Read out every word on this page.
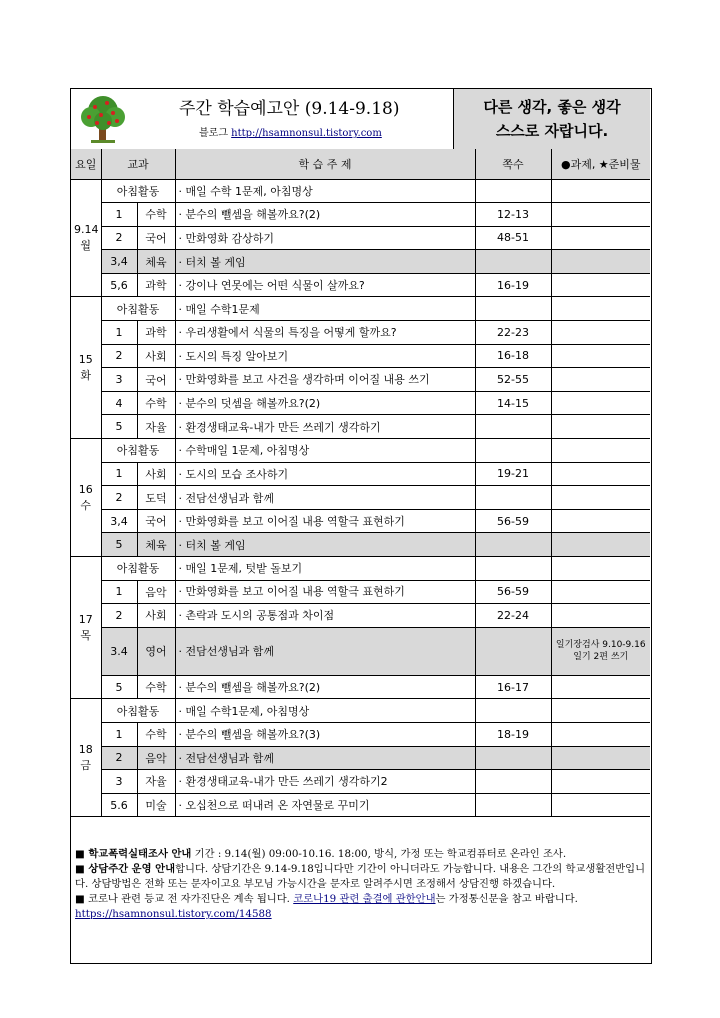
주간 학습예고안 (9.14-9.18)
블로그 http://hsamnonsul.tistory.com
다른 생각, 좋은 생각
스스로 자랍니다.
요일	교과		학 습 주 제	쪽수	●과제, ★준비물
9.14 월	아침활동		· 매일 수학 1문제, 아침명상		
	1	수학	· 분수의 뺄셈을 해볼까요?(2)	12-13	
	2	국어	· 만화영화 감상하기	48-51	
	3,4	체육	· 터치 볼 게임		
	5,6	과학	· 강이나 연못에는 어떤 식물이 살까요?	16-19	
15 화	아침활동		· 매일 수학1문제		
	1	과학	· 우리생활에서 식물의 특징을 어떻게 할까요?	22-23	
	2	사회	· 도시의 특징 알아보기	16-18	
	3	국어	· 만화영화를 보고 사건을 생각하며 이어질 내용 쓰기	52-55	
	4	수학	· 분수의 덧셈을 해볼까요?(2)	14-15	
	5	자율	· 환경생태교육-내가 만든 쓰레기 생각하기		
16 수	아침활동		· 수학매일 1문제, 아침명상		
	1	사회	· 도시의 모습 조사하기	19-21	
	2	도덕	· 전담선생님과 함께		
	3,4	국어	· 만화영화를 보고 이어질 내용 역할극 표현하기	56-59	
	5	체육	· 터치 볼 게임		
17 목	아침활동		· 매일 1문제, 텃밭 돌보기		
	1	음악	· 만화영화를 보고 이어질 내용 역할극 표현하기	56-59	
	2	사회	· 촌락과 도시의 공통점과 차이점	22-24	
	3.4	영어	· 전담선생님과 함께		일기장검사 9.10-9.16 일기 2편 쓰기
	5	수학	· 분수의 뺄셈을 해볼까요?(2)	16-17	
18 금	아침활동		· 매일 수학1문제, 아침명상		
	1	수학	· 분수의 뺄셈을 해볼까요?(3)	18-19	
	2	음악	· 전담선생님과 함께		
	3	자율	· 환경생태교육-내가 만든 쓰레기 생각하기2		
	5.6	미술	· 오십천으로 떠내려 온 자연물로 꾸미기		

■ 학교폭력실태조사 안내 기간 : 9.14(월) 09:00-10.16. 18:00, 방식, 가정 또는 학교컴퓨터로 온라인 조사.

■ 상담주간 운영 안내합니다. 상담기간은 9.14-9.18입니다만 기간이 아니더라도 가능합니다. 내용은 그간의 학교생활전반입니다. 상담방법은 전화 또는 문자이고요 부모님 가능시간을 문자로 알려주시면 조정해서 상담진행 하겠습니다.

■ 코로나 관련 등교 전 자가진단은 계속 됩니다. 코로나19 관련 출결에 관한안내는 가정통신문을 참고 바랍니다. https://hsamnonsul.tistory.com/14588
